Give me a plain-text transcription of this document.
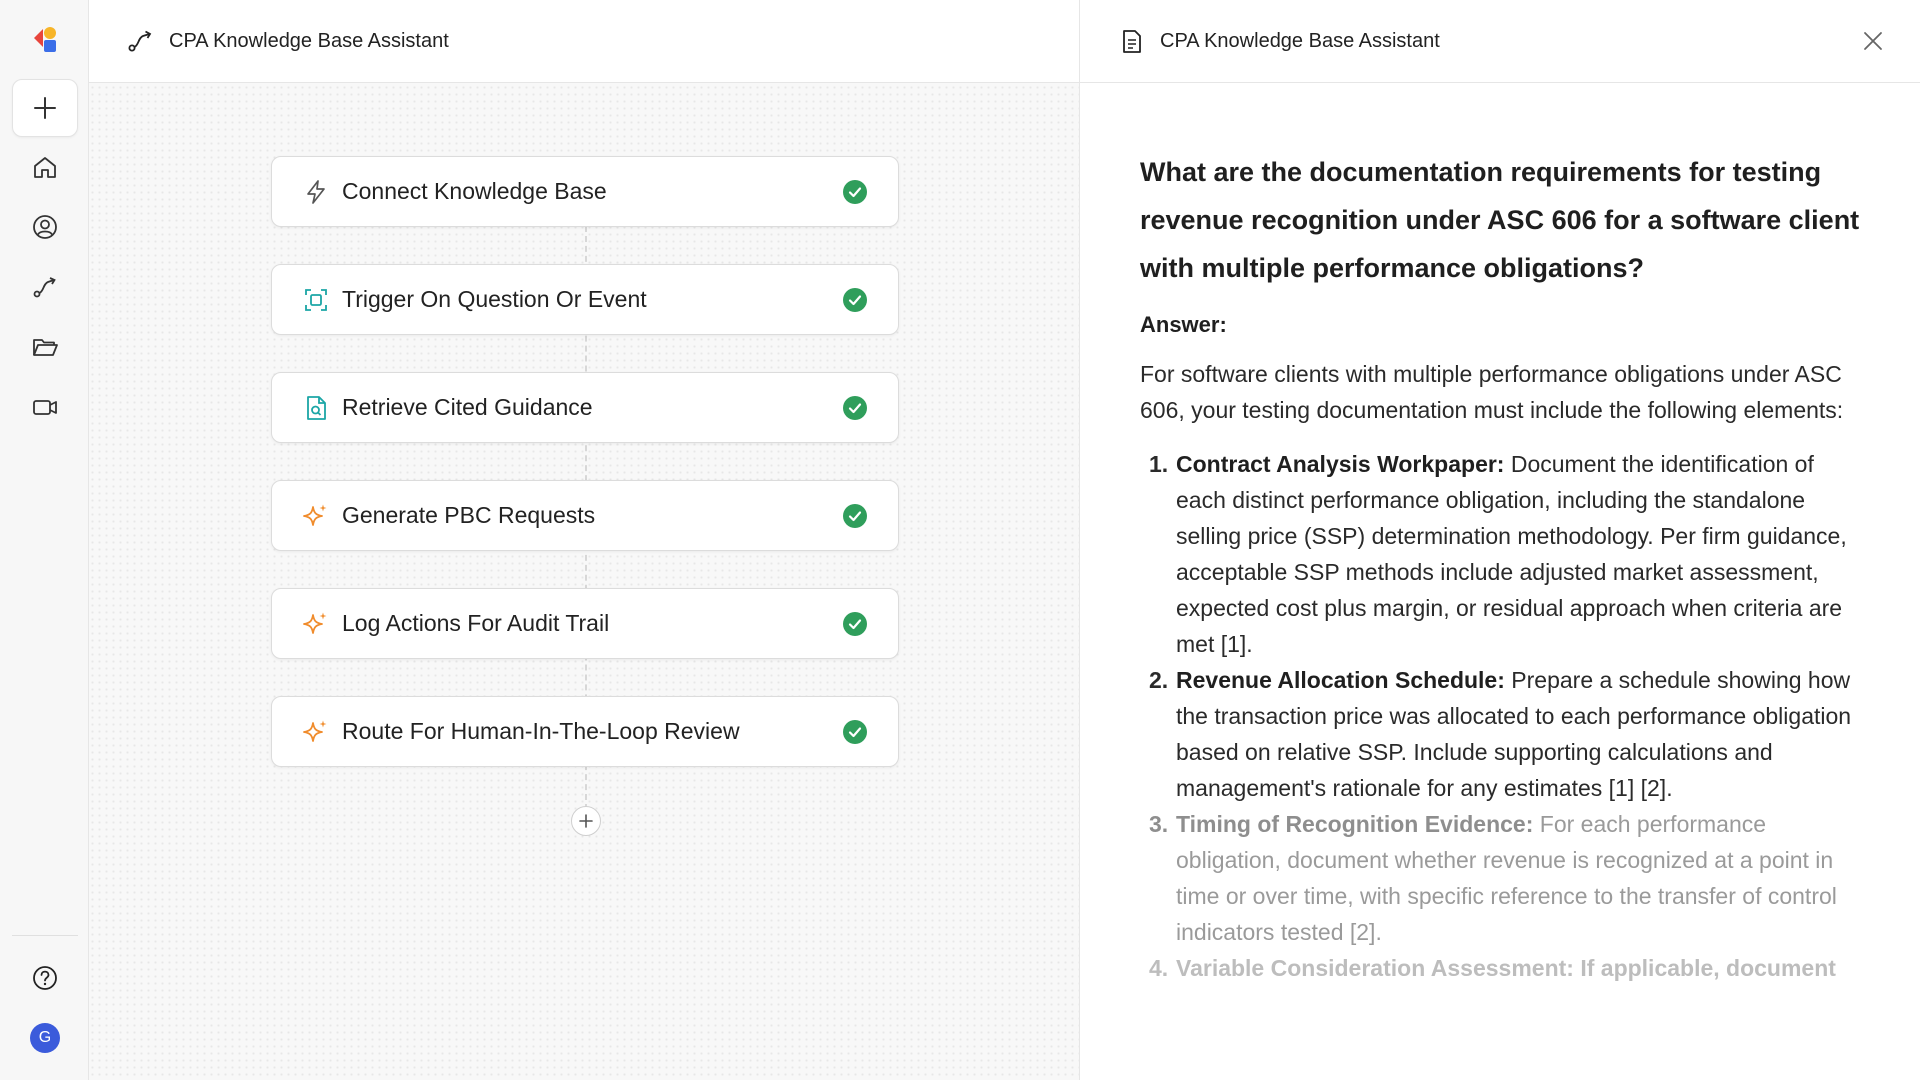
G
CPA Knowledge Base Assistant
Connect Knowledge Base
Trigger On Question Or Event
Retrieve Cited Guidance
Generate PBC Requests
Log Actions For Audit Trail
Route For Human-In-The-Loop Review
CPA Knowledge Base Assistant
What are the documentation requirements for testing revenue recognition under ASC 606 for a software client with multiple performance obligations?
Answer:

For software clients with multiple performance obligations under ASC 606, your testing documentation must include the following elements:

1. Contract Analysis Workpaper: Document the identification of each distinct performance obligation, including the standalone selling price (SSP) determination methodology. Per firm guidance, acceptable SSP methods include adjusted market assessment, expected cost plus margin, or residual approach when criteria are met [1].
2. Revenue Allocation Schedule: Prepare a schedule showing how the transaction price was allocated to each performance obligation based on relative SSP. Include supporting calculations and management's rationale for any estimates [1] [2].
3. Timing of Recognition Evidence: For each performance obligation, document whether revenue is recognized at a point in time or over time, with specific reference to the transfer of control indicators tested [2].
4. Variable Consideration Assessment: If applicable, document
